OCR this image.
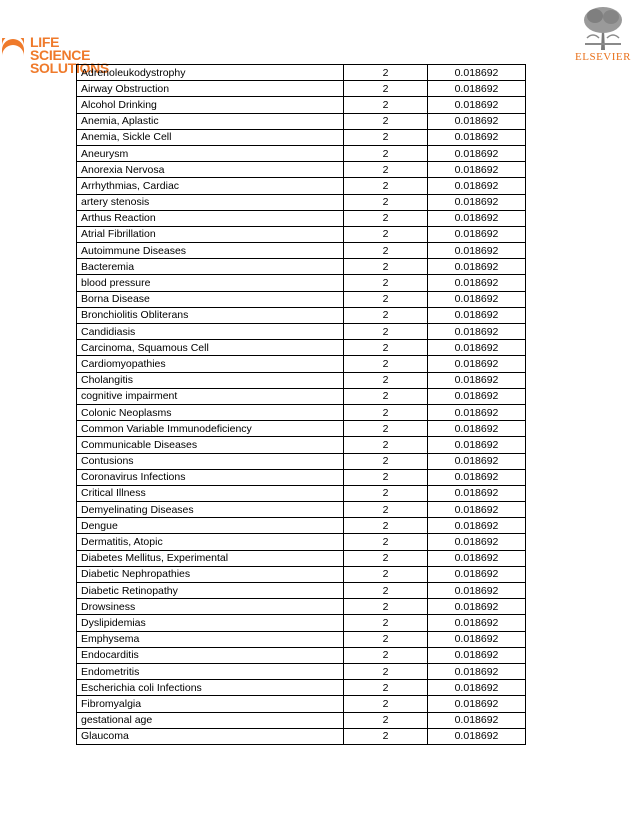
LIFE SCIENCE
SOLUTIONS
ELSEVIER
Adrenoleukodystrophy	2	0.018692
Airway Obstruction	2	0.018692
Alcohol Drinking	2	0.018692
Anemia, Aplastic	2	0.018692
Anemia, Sickle Cell	2	0.018692
Aneurysm	2	0.018692
Anorexia Nervosa	2	0.018692
Arrhythmias, Cardiac	2	0.018692
artery stenosis	2	0.018692
Arthus Reaction	2	0.018692
Atrial Fibrillation	2	0.018692
Autoimmune Diseases	2	0.018692
Bacteremia	2	0.018692
blood pressure	2	0.018692
Borna Disease	2	0.018692
Bronchiolitis Obliterans	2	0.018692
Candidiasis	2	0.018692
Carcinoma, Squamous Cell	2	0.018692
Cardiomyopathies	2	0.018692
Cholangitis	2	0.018692
cognitive impairment	2	0.018692
Colonic Neoplasms	2	0.018692
Common Variable Immunodeficiency	2	0.018692
Communicable Diseases	2	0.018692
Contusions	2	0.018692
Coronavirus Infections	2	0.018692
Critical Illness	2	0.018692
Demyelinating Diseases	2	0.018692
Dengue	2	0.018692
Dermatitis, Atopic	2	0.018692
Diabetes Mellitus, Experimental	2	0.018692
Diabetic Nephropathies	2	0.018692
Diabetic Retinopathy	2	0.018692
Drowsiness	2	0.018692
Dyslipidemias	2	0.018692
Emphysema	2	0.018692
Endocarditis	2	0.018692
Endometritis	2	0.018692
Escherichia coli Infections	2	0.018692
Fibromyalgia	2	0.018692
gestational age	2	0.018692
Glaucoma	2	0.018692
